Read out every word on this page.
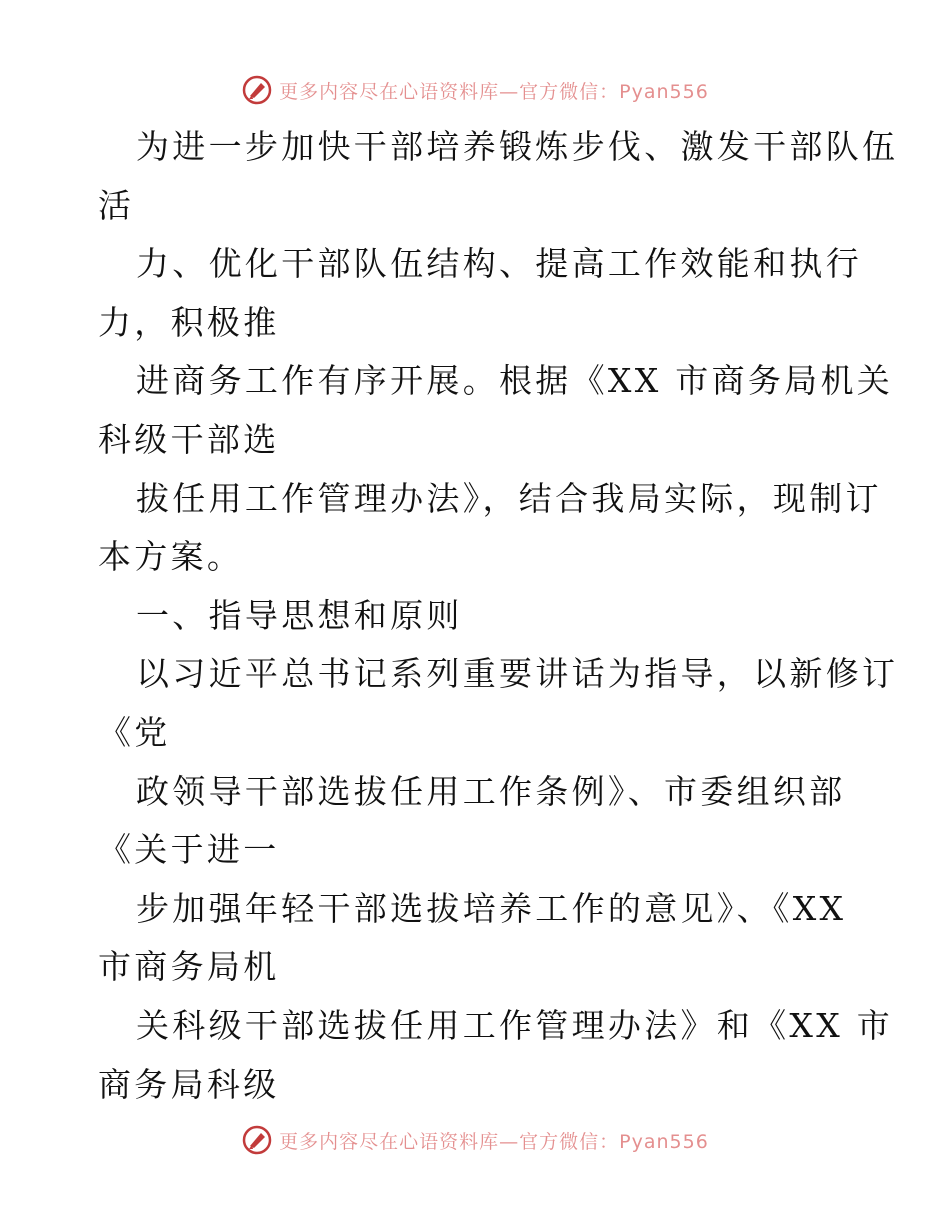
更多内容尽在心语资料库—官方微信：Pyan556
为进一步加快干部培养锻炼步伐、激发干部队伍
活
力、优化干部队伍结构、提高工作效能和执行
力，积极推
进商务工作有序开展。根据《XX 市商务局机关
科级干部选
拔任用工作管理办法》，结合我局实际，现制订
本方案。
一、指导思想和原则
以习近平总书记系列重要讲话为指导，以新修订
《党
政领导干部选拔任用工作条例》、市委组织部
《关于进一
步加强年轻干部选拔培养工作的意见》、《XX
市商务局机
关科级干部选拔任用工作管理办法》和《XX 市
商务局科级
更多内容尽在心语资料库—官方微信：Pyan556
